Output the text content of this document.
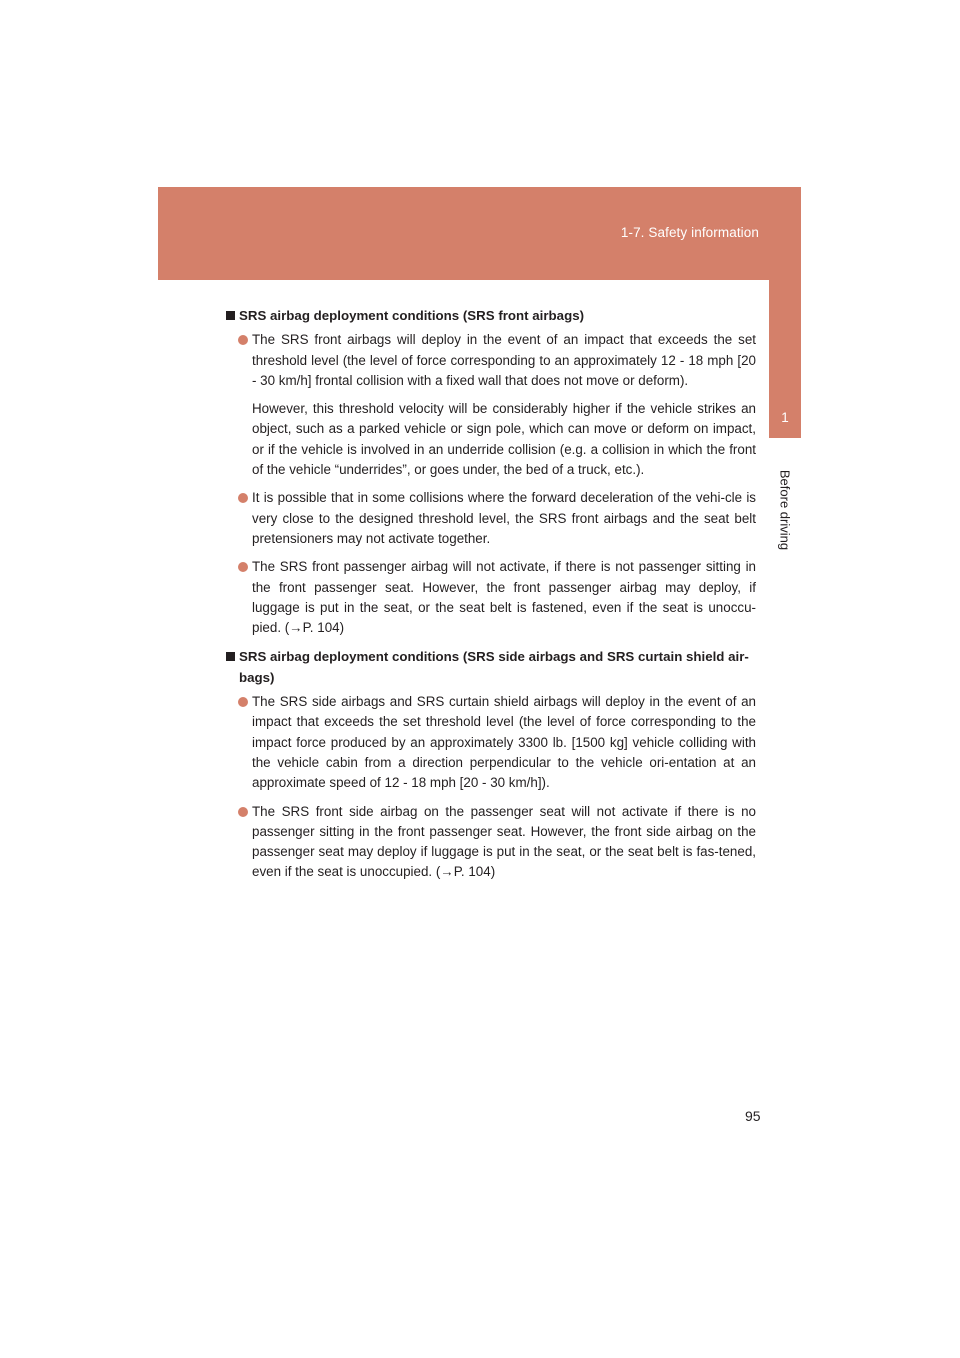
1-7. Safety information
1
Before driving
SRS airbag deployment conditions (SRS front airbags)
The SRS front airbags will deploy in the event of an impact that exceeds the set threshold level (the level of force corresponding to an approximately 12 - 18 mph [20 - 30 km/h] frontal collision with a fixed wall that does not move or deform).
However, this threshold velocity will be considerably higher if the vehicle strikes an object, such as a parked vehicle or sign pole, which can move or deform on impact, or if the vehicle is involved in an underride collision (e.g. a collision in which the front of the vehicle “underrides”, or goes under, the bed of a truck, etc.).
It is possible that in some collisions where the forward deceleration of the vehi-cle is very close to the designed threshold level, the SRS front airbags and the seat belt pretensioners may not activate together.
The SRS front passenger airbag will not activate, if there is not passenger sitting in the front passenger seat. However, the front passenger airbag may deploy, if luggage is put in the seat, or the seat belt is fastened, even if the seat is unoccu-pied. (→P. 104)
SRS airbag deployment conditions (SRS side airbags and SRS curtain shield air-bags)
The SRS side airbags and SRS curtain shield airbags will deploy in the event of an impact that exceeds the set threshold level (the level of force corresponding to the impact force produced by an approximately 3300 lb. [1500 kg] vehicle colliding with the vehicle cabin from a direction perpendicular to the vehicle ori-entation at an approximate speed of 12 - 18 mph [20 - 30 km/h]).
The SRS front side airbag on the passenger seat will not activate if there is no passenger sitting in the front passenger seat. However, the front side airbag on the passenger seat may deploy if luggage is put in the seat, or the seat belt is fas-tened, even if the seat is unoccupied. (→P. 104)
95
